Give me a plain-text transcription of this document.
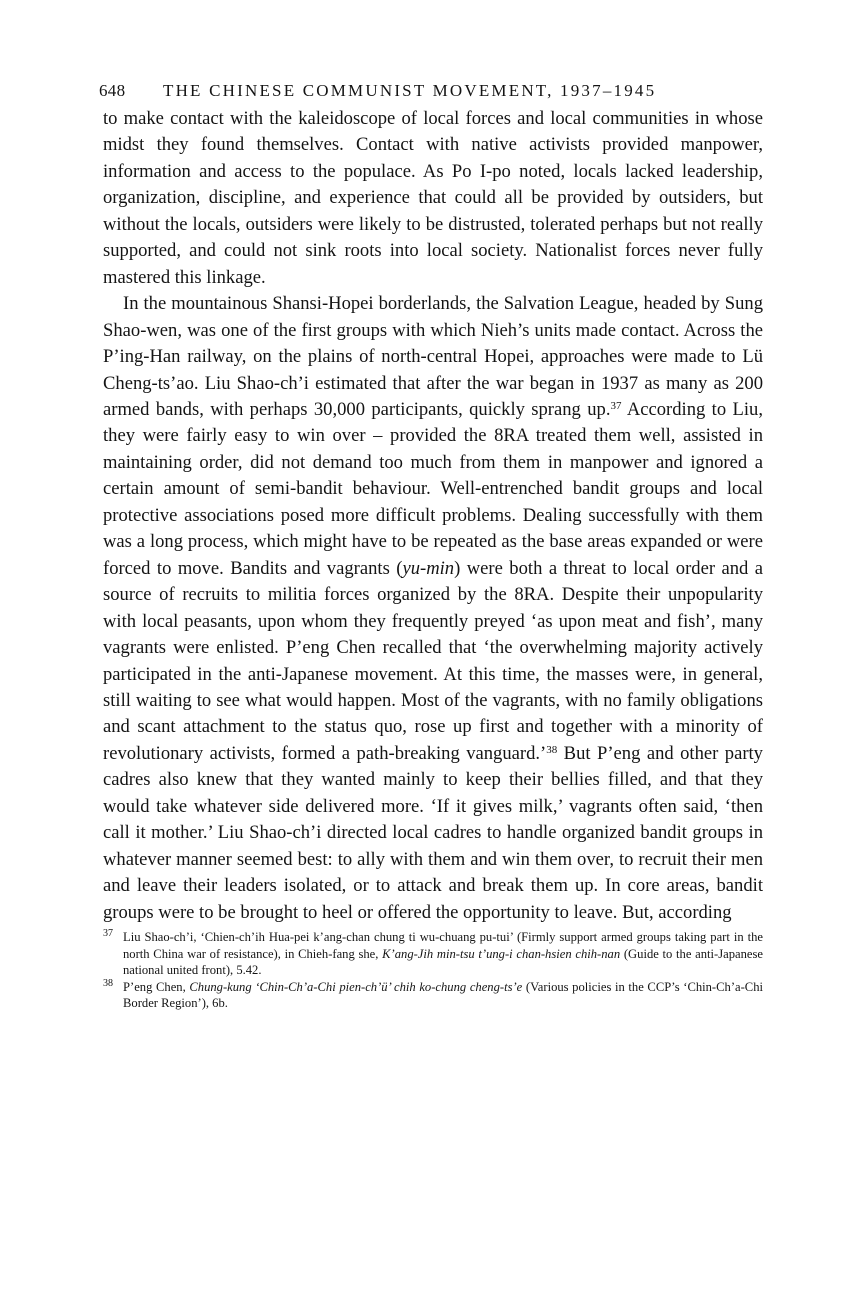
648 THE CHINESE COMMUNIST MOVEMENT, 1937–1945

to make contact with the kaleidoscope of local forces and local communities in whose midst they found themselves. Contact with native activists provided manpower, information and access to the populace. As Po I-po noted, locals lacked leadership, organization, discipline, and experience that could all be provided by outsiders, but without the locals, outsiders were likely to be distrusted, tolerated perhaps but not really supported, and could not sink roots into local society. Nationalist forces never fully mastered this linkage.

In the mountainous Shansi-Hopei borderlands, the Salvation League, headed by Sung Shao-wen, was one of the first groups with which Nieh’s units made contact. Across the P’ing-Han railway, on the plains of north-central Hopei, approaches were made to Lü Cheng-ts’ao. Liu Shao-ch’i estimated that after the war began in 1937 as many as 200 armed bands, with perhaps 30,000 participants, quickly sprang up.$^{37}$ According to Liu, they were fairly easy to win over – provided the 8RA treated them well, assisted in maintaining order, did not demand too much from them in manpower and ignored a certain amount of semi-bandit behaviour. Well-entrenched bandit groups and local protective associations posed more difficult problems. Dealing successfully with them was a long process, which might have to be repeated as the base areas expanded or were forced to move. Bandits and vagrants (yu-min) were both a threat to local order and a source of recruits to militia forces organized by the 8RA. Despite their unpopularity with local peasants, upon whom they frequently preyed ‘as upon meat and fish’, many vagrants were enlisted. P’eng Chen recalled that ‘the overwhelming majority actively participated in the anti-Japanese movement. At this time, the masses were, in general, still waiting to see what would happen. Most of the vagrants, with no family obligations and scant attachment to the status quo, rose up first and together with a minority of revolutionary activists, formed a path-breaking vanguard.’$^{38}$ But P’eng and other party cadres also knew that they wanted mainly to keep their bellies filled, and that they would take whatever side delivered more. ‘If it gives milk,’ vagrants often said, ‘then call it mother.’ Liu Shao-ch’i directed local cadres to handle organized bandit groups in whatever manner seemed best: to ally with them and win them over, to recruit their men and leave their leaders isolated, or to attack and break them up. In core areas, bandit groups were to be brought to heel or offered the opportunity to leave. But, according

37 Liu Shao-ch’i, ‘Chien-ch’ih Hua-pei k’ang-chan chung ti wu-chuang pu-tui’ (Firmly support armed groups taking part in the north China war of resistance), in Chieh-fang she, K’ang-Jih min-tsu t’ung-i chan-hsien chih-nan (Guide to the anti-Japanese national united front), 5.42.
38 P’eng Chen, Chung-kung ‘Chin-Ch’a-Chi pien-ch’ü’ chih ko-chung cheng-ts’e (Various policies in the CCP’s ‘Chin-Ch’a-Chi Border Region’), 6b.
